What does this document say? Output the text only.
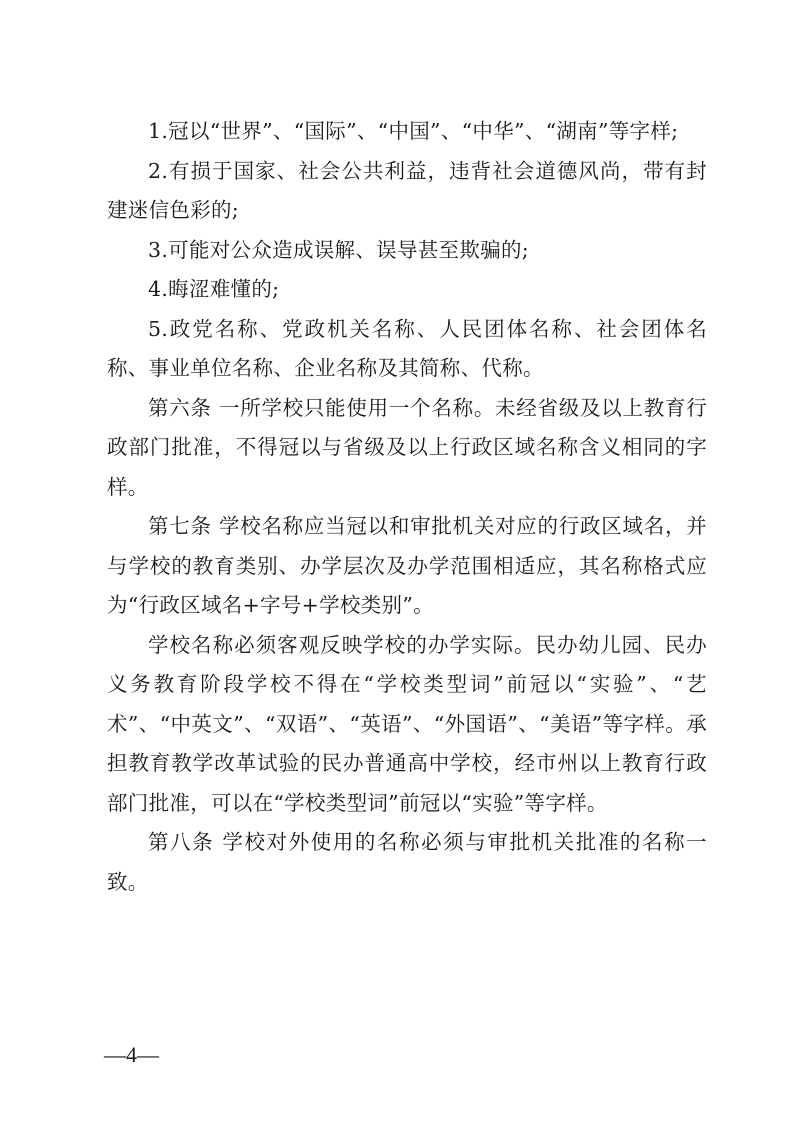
1.冠以“世界”、“国际”、“中国”、“中华”、“湖南”等字样;

2.有损于国家、社会公共利益，违背社会道德风尚，带有封建迷信色彩的;

3.可能对公众造成误解、误导甚至欺骗的;

4.晦涩难懂的;

5.政党名称、党政机关名称、人民团体名称、社会团体名称、事业单位名称、企业名称及其简称、代称。

第六条 一所学校只能使用一个名称。未经省级及以上教育行政部门批准，不得冠以与省级及以上行政区域名称含义相同的字样。

第七条 学校名称应当冠以和审批机关对应的行政区域名，并与学校的教育类别、办学层次及办学范围相适应，其名称格式应为“行政区域名+字号+学校类别”。

学校名称必须客观反映学校的办学实际。民办幼儿园、民办义务教育阶段学校不得在“学校类型词”前冠以“实验”、“艺术”、“中英文”、“双语”、“英语”、“外国语”、“美语”等字样。承担教育教学改革试验的民办普通高中学校，经市州以上教育行政部门批准，可以在“学校类型词”前冠以“实验”等字样。

第八条 学校对外使用的名称必须与审批机关批准的名称一致。

—4—
